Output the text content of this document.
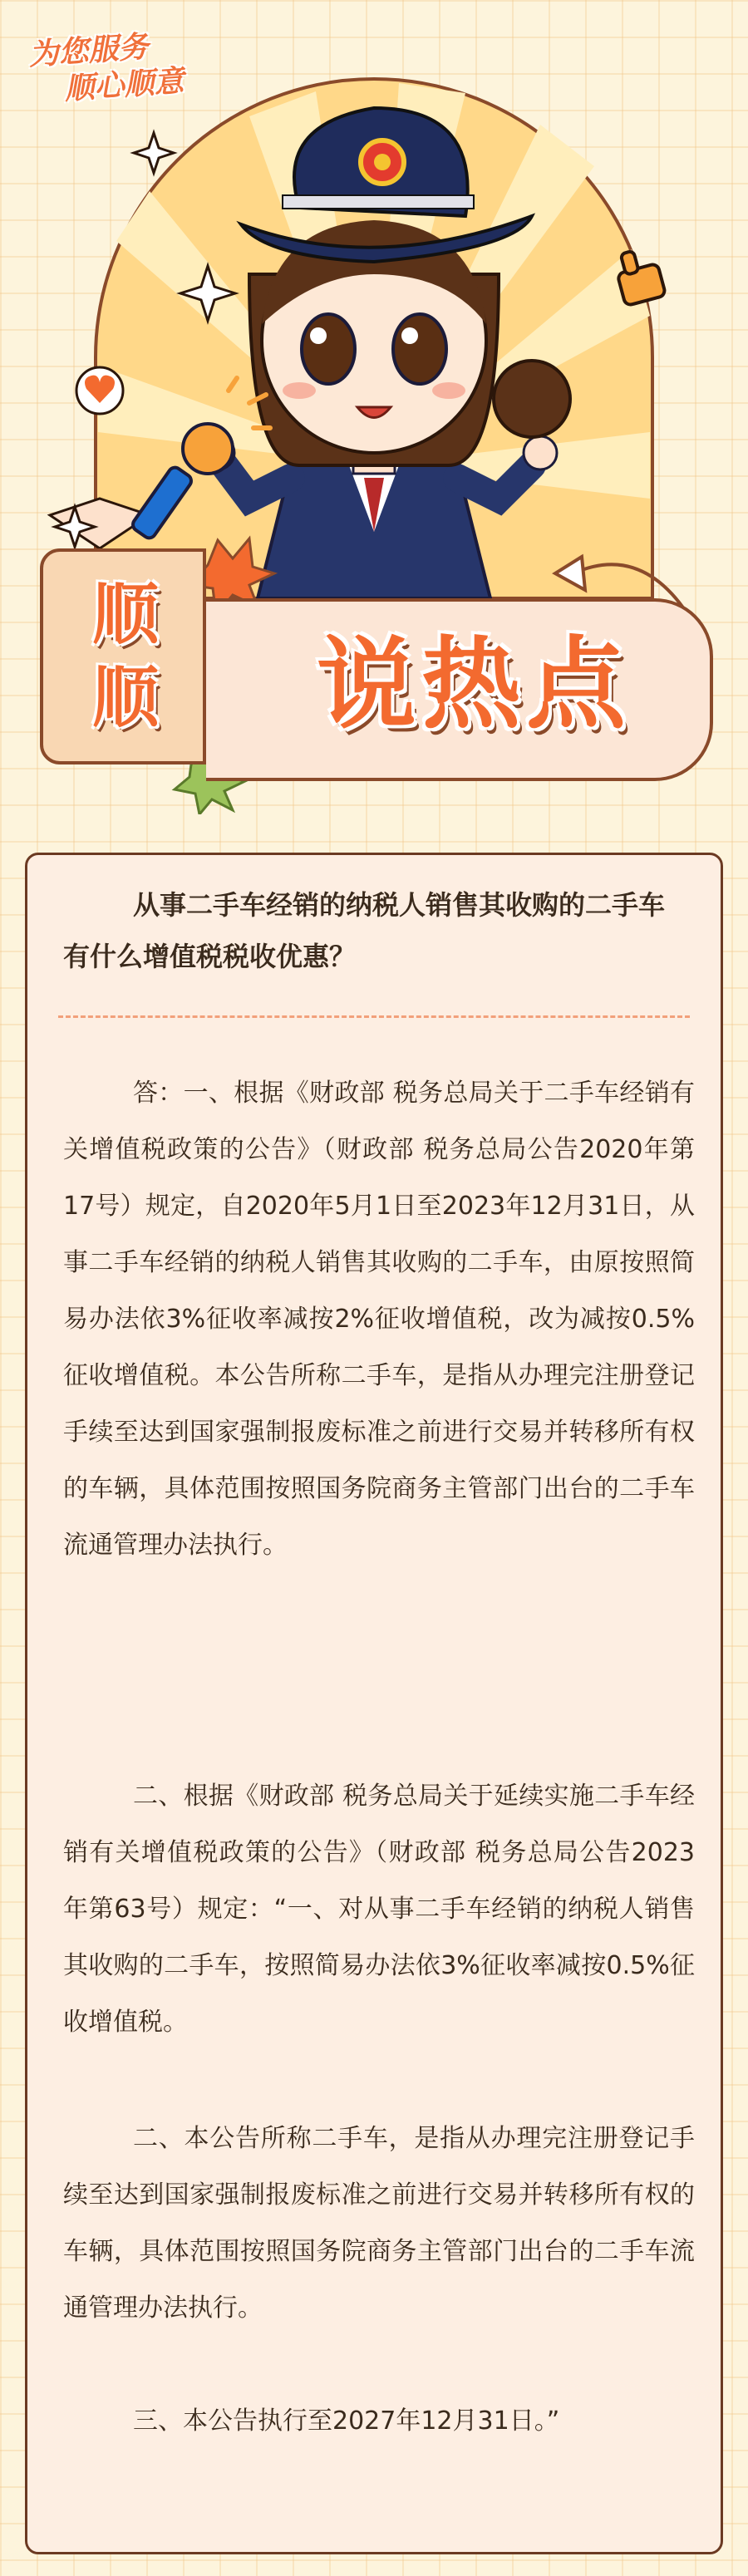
为您服务
顺心顺意
顺顺	说热点
从事二手车经销的纳税人销售其收购的二手车有什么增值税税收优惠？
答：一、根据《财政部 税务总局关于二手车经销有关增值税政策的公告》（财政部 税务总局公告2020年第17号）规定，自2020年5月1日至2023年12月31日，从事二手车经销的纳税人销售其收购的二手车，由原按照简易办法依3%征收率减按2%征收增值税，改为减按0.5%征收增值税。本公告所称二手车，是指从办理完注册登记手续至达到国家强制报废标准之前进行交易并转移所有权的车辆，具体范围按照国务院商务主管部门出台的二手车流通管理办法执行。
二、根据《财政部 税务总局关于延续实施二手车经销有关增值税政策的公告》（财政部 税务总局公告2023年第63号）规定：“一、对从事二手车经销的纳税人销售其收购的二手车，按照简易办法依3%征收率减按0.5%征收增值税。
二、本公告所称二手车，是指从办理完注册登记手续至达到国家强制报废标准之前进行交易并转移所有权的车辆，具体范围按照国务院商务主管部门出台的二手车流通管理办法执行。
三、本公告执行至2027年12月31日。”
